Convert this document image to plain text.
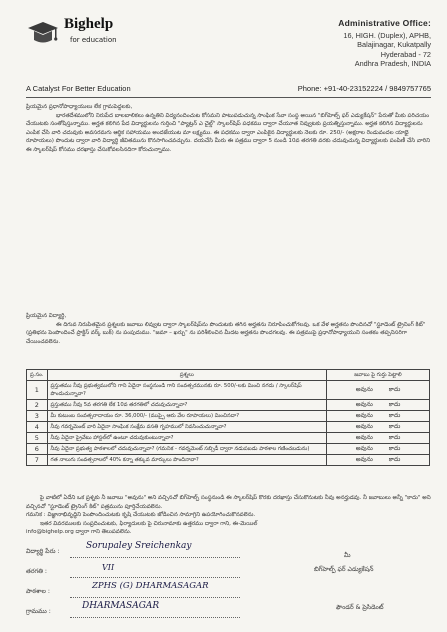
Bighelp
for education
A Catalyst For Better Education
Administrative Office:
16, HIGH. (Duplex), APHB,
Balajinagar, Kukatpally
Hyderabad - 72
Andhra Pradesh, INDIA
Phone: +91-40-23152224 / 9849757765

ప్రియమైన ప్రధానోపాధ్యాయులు లేక గ్రామపెద్దలకు,

భారతదేశములోని నిరుపేద బాలబాలికలు ఉన్నతిని విద్యనందించుట కోసమని పాటుపడుచున్న సాంఘిక సేవా సంస్థ అయిన "బిగ్‌హెల్ప్ ఫర్ ఎడ్యుకేషన్" పేరుతో మీకు పరిచయం చేయుటకు సంతోషిస్తున్నాము. అర్హత కలిగిన పేద విద్యార్థులను గుర్తించి "ప్యాట్రన్ ఎ చైల్డ్" స్కాలర్‌షిప్ పధకము ద్వారా చేయూత నివ్వుటకు ప్రయత్నిస్తున్నాము. అర్హత కలిగిన విద్యార్థులను ఎంపిక చేసి వారి చదువుకు అవసరమగు ఆర్థిక సహాయము అందజేయుట మా లక్ష్యము. ఈ పధకము ద్వారా ఎంపికైన విద్యార్థులకు నెలకు రూ. 250/- (అక్షరాల రెండువందల యాభై రూపాయలు) పొందుట ద్వారా వారి విద్యార్థి జీవితమును కొనసాగించవచ్చును. దయచేసి మీరు ఈ పత్రము ద్వారా 5 నుండి 10వ తరగతి వరకు చదువుచున్న విద్యార్థులకు పంపిణీ చేసి వారిని ఈ స్కాలర్‌షిప్ కోసము దరఖాస్తు చేసుకోవలసినదిగా కోరుచున్నాము.

ప్రియమైన విద్యార్థి,

ఈ దిగువ నిరుపితమైన ప్రశ్నలకు జవాబు లివ్వుట ద్వారా స్కాలర్‌షిప్‌ను పొందుటకు తగిన అర్హతను నిరూపించుకోగలవు. ఒక వేళ అర్హతను పొందినచో "స్టూడెంట్ ట్రైనింగ్ కిట్" (ప్రతిభను పెంపొందించే ప్రాక్టిస్ వర్క్ బుక్) ను పంపుదుము. "జమా – ఖర్చు" ను పరిశీలించిన మీదట అర్హతను పొందగలవు. ఈ పత్రముపై ప్రధానోపాధ్యాయుని సంతకం తప్పనిసరిగా చేయించవలెను.

ప్ర.సం.	ప్రశ్నలు	జవాబు పై గుర్తు పెట్టాలి
1	ప్రస్తుతము నీవు ప్రభుత్వములోని గాని ఏదైనా సంస్థనుండి గాని సంవత్సరమునకు రూ. 500/-లకు మించి నగదు / స్కాలర్‌షిప్ పొందుచున్నావా?	అవును కాదు
2	ప్రస్తుతము నీవు 5వ తరగతి లేక 10వ తరగతిలో చదువుచున్నావా?	అవును కాదు
3	మీ కుటుంబ సంవత్సరాదాయం రూ. 36,000/- (ముప్పై ఆరు వేల రూపాయలు) మించినదా?	అవును కాదు
4	నీవు గవర్నమెంట్ వారి ఏదైనా సాంఘిక సంక్షేమ వసతి గృహములో నివసించుచున్నావా?	అవును కాదు
5	నీవు ఏదైనా ప్రైవేటు హాస్టల్‌లో ఉంటూ చదువుకుంటున్నావా?	అవును కాదు
6	నీవు ఏదైనా ప్రభుత్వ పాఠశాలలో చదువుచున్నావా? (గమనిక - గవర్నమెంట్ సబ్సిడీ ద్వారా నడుపబడు పాఠశాల గణించబడును)	అవును కాదు
7	గత నాలుగు సంవత్సరాలలో 40% కన్నా తక్కువ మార్కులు పొందినావా?	అవును కాదు

పై వాటిలో ఏదేని ఒక ప్రశ్నకు నీ జవాబు "అవును" అని వచ్చినచో బిగ్‌హెల్ప్ సంస్థనుండి ఈ స్కాలర్‌షిప్ కొరకు దరఖాస్తు చేసుకొనుటకు నీవు అనర్హుడవు. నీ జవాబులు అన్నీ "కాదు" అని వచ్చినచో "స్టూడెంట్ ట్రైనింగ్ కిట్" పత్రమును పూర్తిచేయవలెను.

గమనిక : విజ్ఞానాభివృద్ధిని పెంపొందించుటకు కృషి చేయుటకు జోడించిన సామాగ్రిని ఉపయోగించుకొనవలెను.

ఇతర వివరములకు సంప్రదించుటకు, ఫిర్యాదులకు పై చిరునామాకు ఉత్తరము ద్వారా గాని, ఈ-మెయిల్

info@bighelp.org ద్వారా గాని తెలుపవలెను.

విద్యార్థి పేరు :
Sorupaley Sreichenkay
తరగతి :	VII
పాఠశాల :
ZPHS (G) DHARMASAGAR
గ్రామము :
DHARMASAGAR
మీ
బిగ్‌హెల్ప్ ఫర్ ఎడ్యుకేషన్
ఫౌండర్ & ప్రెసిడెంట్
